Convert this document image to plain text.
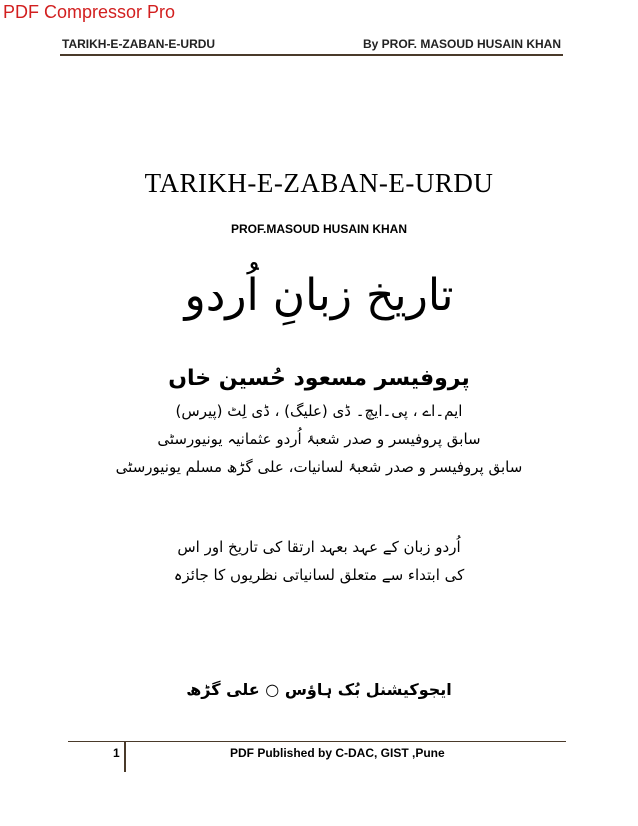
PDF Compressor Pro
TARIKH-E-ZABAN-E-URDU	By PROF. MASOUD HUSAIN KHAN
TARIKH-E-ZABAN-E-URDU
PROF.MASOUD HUSAIN KHAN
تاریخ زبانِ اُردو
پروفیسر مسعود حُسین خاں
ایم۔اے ، پی۔ایچ۔ ڈی (علیگ) ، ڈی لِٹ (پیرس)
سابق پروفیسر و صدر شعبۂ اُردو عثمانیہ یونیورسٹی
سابق پروفیسر و صدر شعبۂ لسانیات، علی گڑھ مسلم یونیورسٹی
اُردو زبان کے عہد بعہد ارتقا کی تاریخ اور اس
کی ابتداء سے متعلق لسانیاتی نظریوں کا جائزہ
ایجوکیشنل بُک ہاؤس ○ علی گڑھ
1	PDF Published by C-DAC, GIST ,Pune
